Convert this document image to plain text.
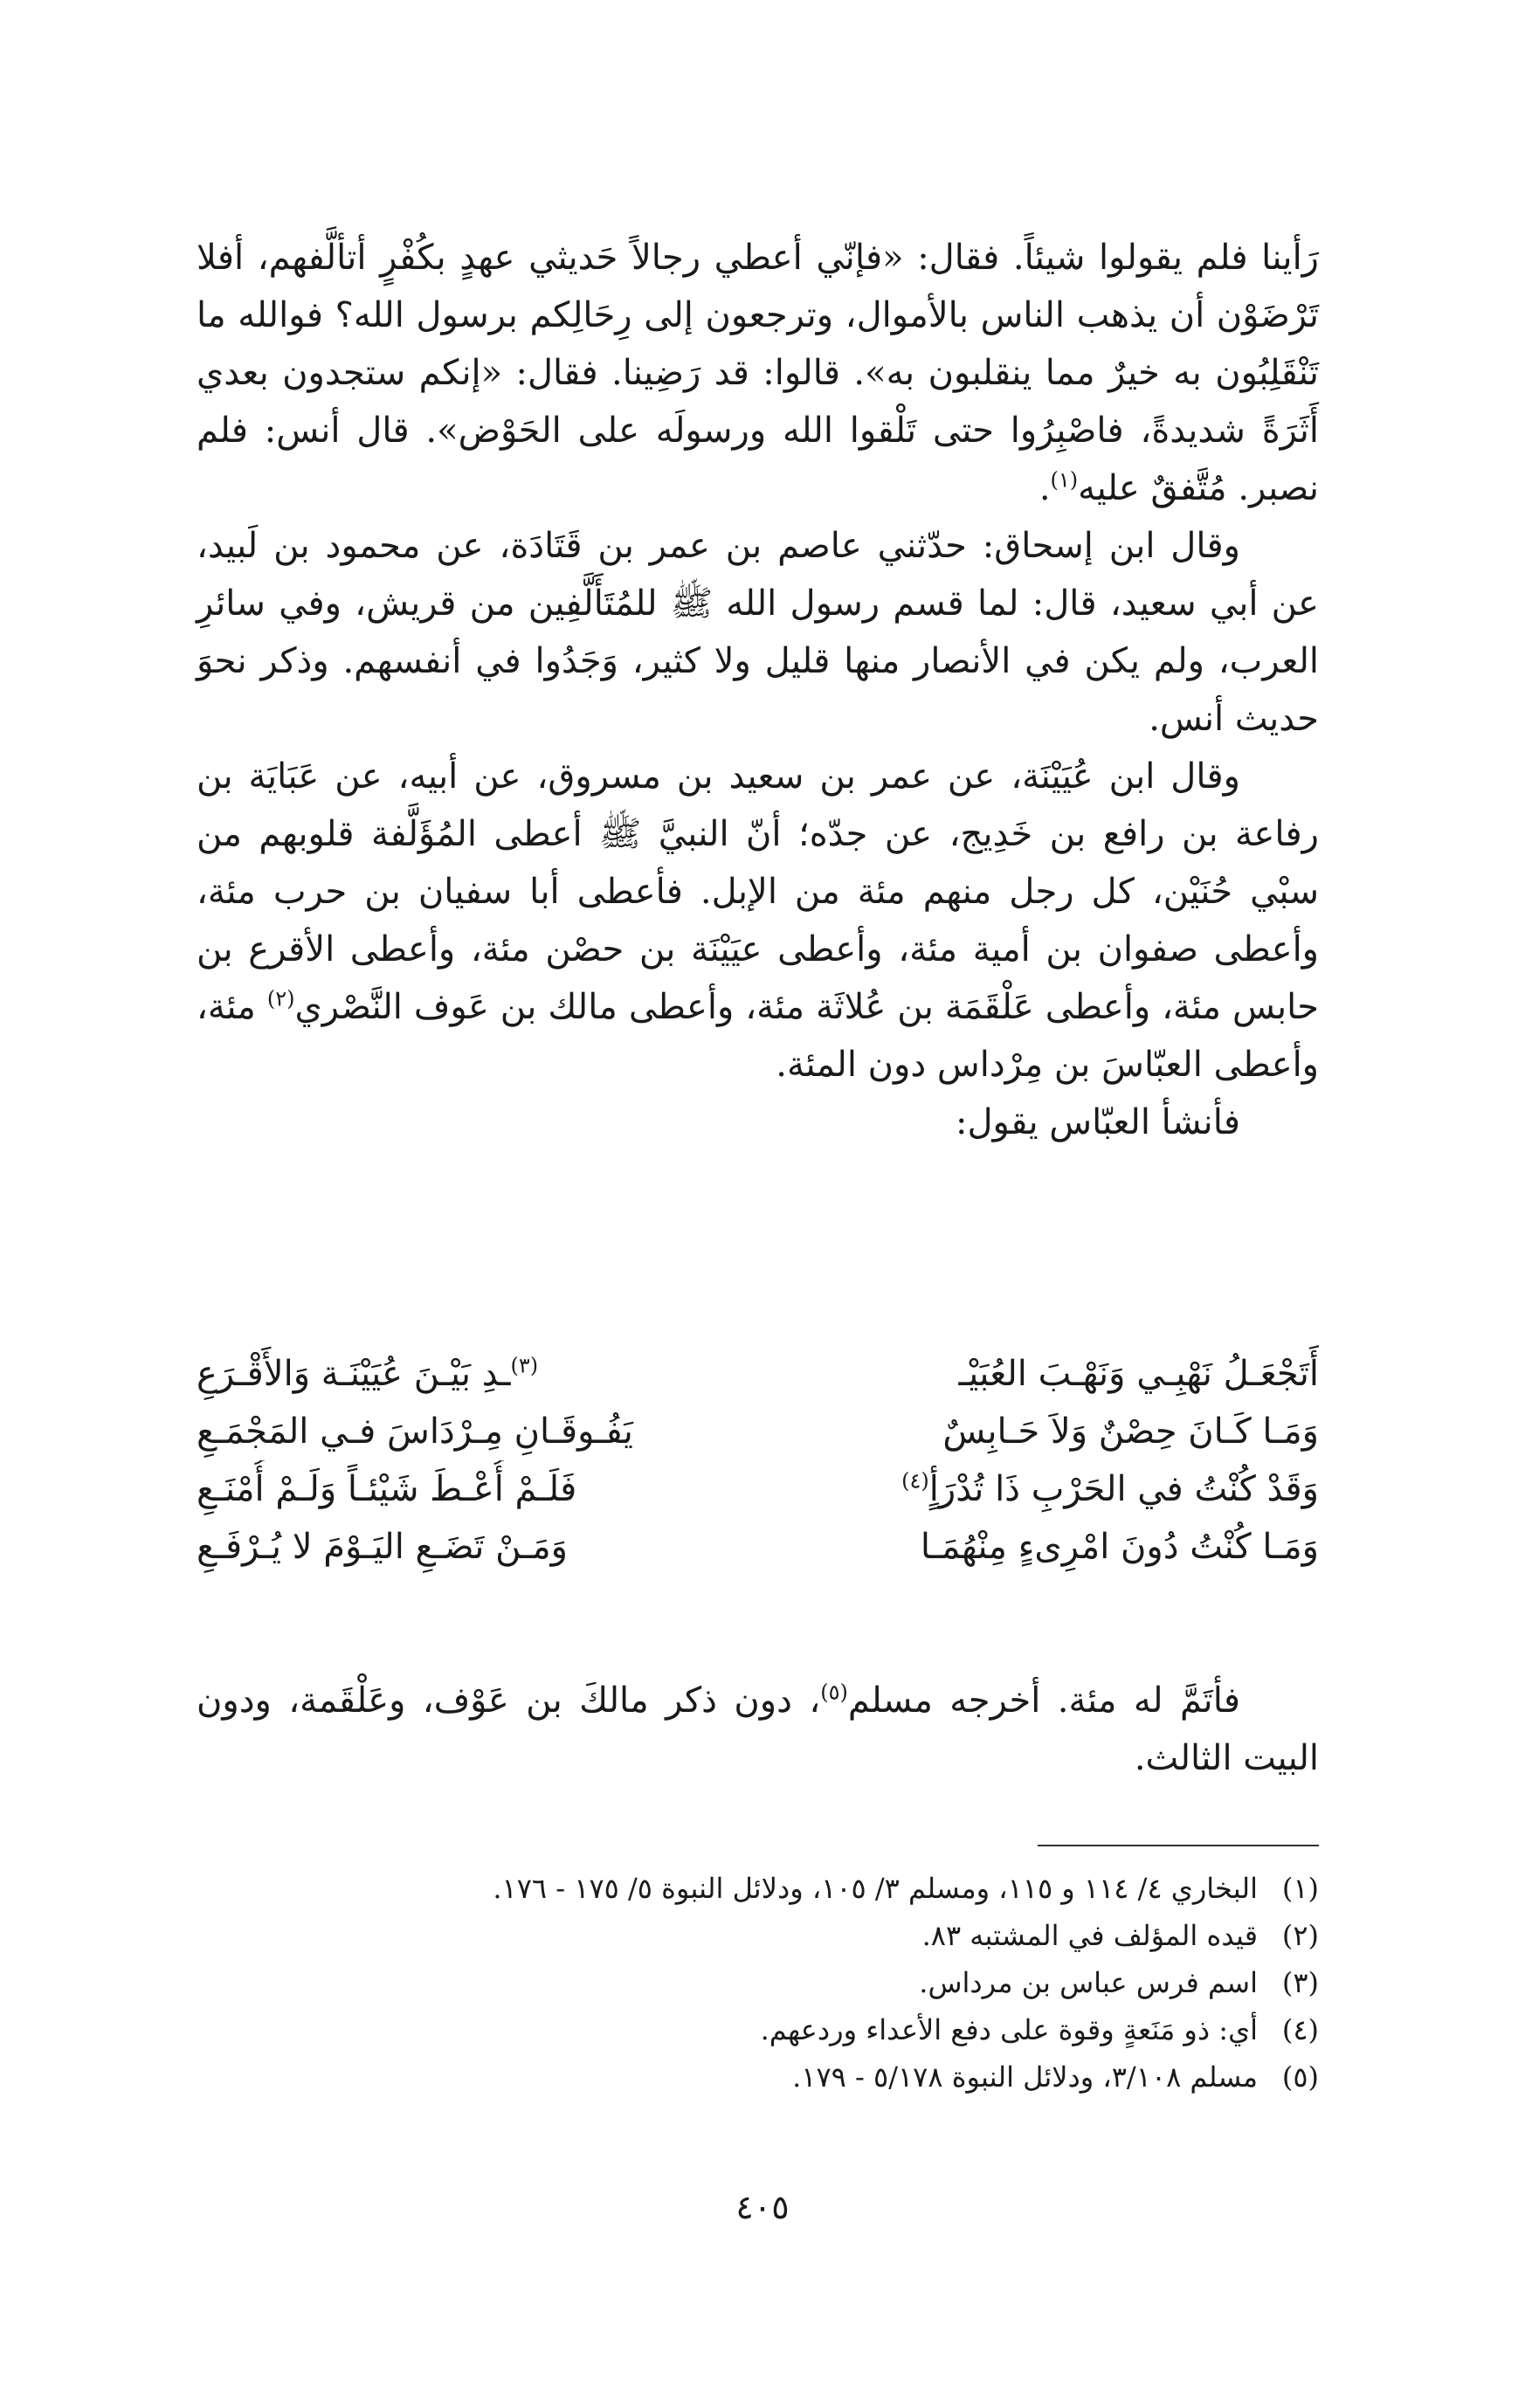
رَأينا فلم يقولوا شيئاً. فقال: «فإنّي أعطي رجالاً حَديثي عهدٍ بكُفْرٍ أتألَّفهم، أفلا تَرْضَوْن أن يذهب الناس بالأموال، وترجعون إلى رِحَالِكم برسول الله؟ فوالله ما تَنْقَلِبُون به خيرٌ مما ينقلبون به». قالوا: قد رَضِينا. فقال: «إنكم ستجدون بعدي أَثَرَةً شديدةً، فاصْبِرُوا حتى تَلْقوا الله ورسولَه على الحَوْض». قال أنس: فلم نصبر. مُتَّفقٌ عليه$^{(١)}$.

وقال ابن إسحاق: حدّثني عاصم بن عمر بن قَتَادَة، عن محمود بن لَبيد، عن أبي سعيد، قال: لما قسم رسول الله ﷺ للمُتَأَلَّفِين من قريش، وفي سائرِ العرب، ولم يكن في الأنصار منها قليل ولا كثير، وَجَدُوا في أنفسهم. وذكر نحوَ حديث أنس.

وقال ابن عُيَيْنَة، عن عمر بن سعيد بن مسروق، عن أبيه، عن عَبَايَة بن رفاعة بن رافع بن خَدِيج، عن جدّه؛ أنّ النبيَّ ﷺ أعطى المُؤَلَّفة قلوبهم من سبْي حُنَيْن، كل رجل منهم مئة من الإبل. فأعطى أبا سفيان بن حرب مئة، وأعطى صفوان بن أمية مئة، وأعطى عيَيْنَة بن حصْن مئة، وأعطى الأقرع بن حابس مئة، وأعطى عَلْقَمَة بن عُلاثَة مئة، وأعطى مالك بن عَوف النَّصْري$^{(٢)}$ مئة، وأعطى العبّاسَ بن مِرْداس دون المئة.

فأنشأ العبّاس يقول:

أَتَجْعَـلُ نَهْبِـي وَنَهْـبَ العُبَيْـ
$^{(٣)}$ـدِ بَيْـنَ عُيَيْنَـة وَالأَقْـرَعِ
وَمَـا كَـانَ حِصْنٌ وَلاَ حَـابِسٌ
يَفُـوقَـانِ مِـرْدَاسَ فـي المَجْمَـعِ
وَقَدْ كُنْتُ في الحَرْبِ ذَا تُدْرَأٍ$^{(٤)}$
فَلَـمْ أُعْـطَ شَيْئـاً وَلَـمْ أُمْنَـعِ
وَمَـا كُنْتُ دُونَ امْرِىءٍ مِنْهُمَـا
وَمَـنْ تَضَـعِ اليَـوْمَ لا يُـرْفَـعِ

فأتَمَّ له مئة. أخرجه مسلم$^{(٥)}$، دون ذكر مالكَ بن عَوْف، وعَلْقَمة، ودون البيت الثالث.

(١)
البخاري ٤/ ١١٤ و ١١٥، ومسلم ٣/ ١٠٥، ودلائل النبوة ٥/ ١٧٥ - ١٧٦.
(٢)
قيده المؤلف في المشتبه ٨٣.
(٣)
اسم فرس عباس بن مرداس.
(٤)
أي: ذو مَنَعةٍ وقوة على دفع الأعداء وردعهم.
(٥)
مسلم ٣/١٠٨، ودلائل النبوة ٥/١٧٨ - ١٧٩.
٤٠٥
